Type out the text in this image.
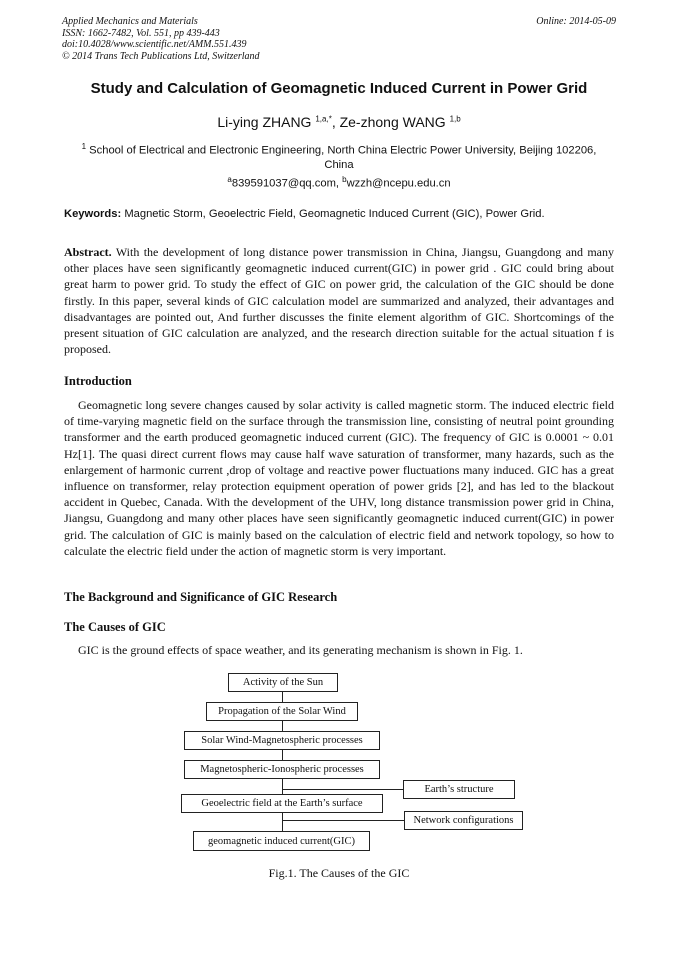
Applied Mechanics and Materials
ISSN: 1662-7482, Vol. 551, pp 439-443
doi:10.4028/www.scientific.net/AMM.551.439
© 2014 Trans Tech Publications Ltd, Switzerland
Online: 2014-05-09
Study and Calculation of Geomagnetic Induced Current in Power Grid
Li-ying ZHANG $^{1,a,*}$, Ze-zhong WANG $^{1,b}$
$^1$ School of Electrical and Electronic Engineering, North China Electric Power University, Beijing 102206, China
$^a$839591037@qq.com, $^b$wzzh@ncepu.edu.cn
Keywords: Magnetic Storm, Geoelectric Field, Geomagnetic Induced Current (GIC), Power Grid.

Abstract. With the development of long distance power transmission in China, Jiangsu, Guangdong and many other places have seen significantly geomagnetic induced current(GIC) in power grid . GIC could bring about great harm to power grid. To study the effect of GIC on power grid, the calculation of the GIC should be done firstly. In this paper, several kinds of GIC calculation model are summarized and analyzed, their advantages and disadvantages are pointed out, And further discusses the finite element algorithm of GIC. Shortcomings of the present situation of GIC calculation are analyzed, and the research direction suitable for the actual situation f is proposed.

Introduction

Geomagnetic long severe changes caused by solar activity is called magnetic storm. The induced electric field of time-varying magnetic field on the surface through the transmission line, consisting of neutral point grounding transformer and the earth produced geomagnetic induced current (GIC). The frequency of GIC is 0.0001 ~ 0.01 Hz[1]. The quasi direct current flows may cause half wave saturation of transformer, many hazards, such as the enlargement of harmonic current ,drop of voltage and reactive power fluctuations many induced. GIC has a great influence on transformer, relay protection equipment operation of power grids [2], and has led to the blackout accident in Quebec, Canada. With the development of the UHV, long distance transmission power grid in China, Jiangsu, Guangdong and many other places have seen significantly geomagnetic induced current(GIC) in power grid. The calculation of GIC is mainly based on the calculation of electric field and network topology, so how to calculate the electric field under the action of magnetic storm is very important.

The Background and Significance of GIC Research
The Causes of GIC

GIC is the ground effects of space weather, and its generating mechanism is shown in Fig. 1.

Activity of the Sun
Propagation of the Solar Wind
Solar Wind-Magnetospheric processes
Magnetospheric-Ionospheric processes
Geoelectric field at the Earth’s surface
geomagnetic induced current(GIC)
Earth’s structure
Network configurations
Fig.1. The Causes of the GIC
